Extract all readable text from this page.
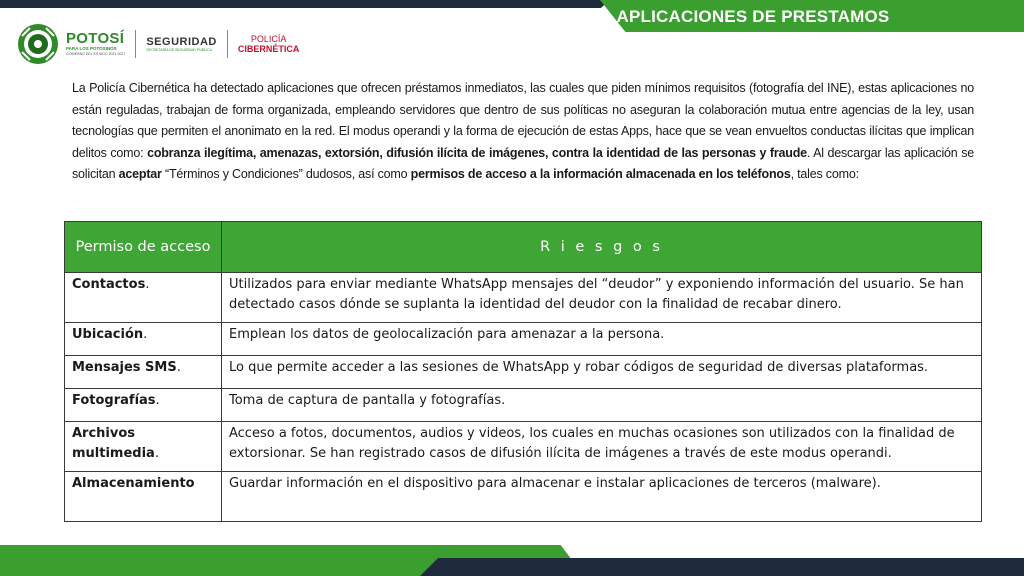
APLICACIONES DE PRESTAMOS
POTOSÍ
PARA LOS POTOSINOS
GOBIERNO DEL ESTADO 2021-2027
SEGURIDAD
SECRETARÍA DE SEGURIDAD PÚBLICA
POLICÍA
CIBERNÉTICA
La Policía Cibernética ha detectado aplicaciones que ofrecen préstamos inmediatos, las cuales que piden mínimos requisitos (fotografía del INE), estas aplicaciones no están reguladas, trabajan de forma organizada, empleando servidores que dentro de sus políticas no aseguran la colaboración mutua entre agencias de la ley, usan tecnologías que permiten el anonimato en la red. El modus operandi y la forma de ejecución de estas Apps, hace que se vean envueltos conductas ilícitas que implican delitos como: cobranza ilegítima, amenazas, extorsión, difusión ilícita de imágenes, contra la identidad de las personas y fraude. Al descargar las aplicación se solicitan aceptar “Términos y Condiciones” dudosos, así como permisos de acceso a la información almacenada en los teléfonos, tales como:
Permiso de acceso	R i e s g o s
Contactos.	Utilizados para enviar mediante WhatsApp mensajes del “deudor” y exponiendo información del usuario. Se han detectado casos dónde se suplanta la identidad del deudor con la finalidad de recabar dinero.
Ubicación.	Emplean los datos de geolocalización para amenazar a la persona.
Mensajes SMS.	Lo que permite acceder a las sesiones de WhatsApp y robar códigos de seguridad de diversas plataformas.
Fotografías.	Toma de captura de pantalla y fotografías.
Archivos multimedia.	Acceso a fotos, documentos, audios y videos, los cuales en muchas ocasiones son utilizados con la finalidad de extorsionar. Se han registrado casos de difusión ilícita de imágenes a través de este modus operandi.
Almacenamiento	Guardar información en el dispositivo para almacenar e instalar aplicaciones de terceros (malware).
